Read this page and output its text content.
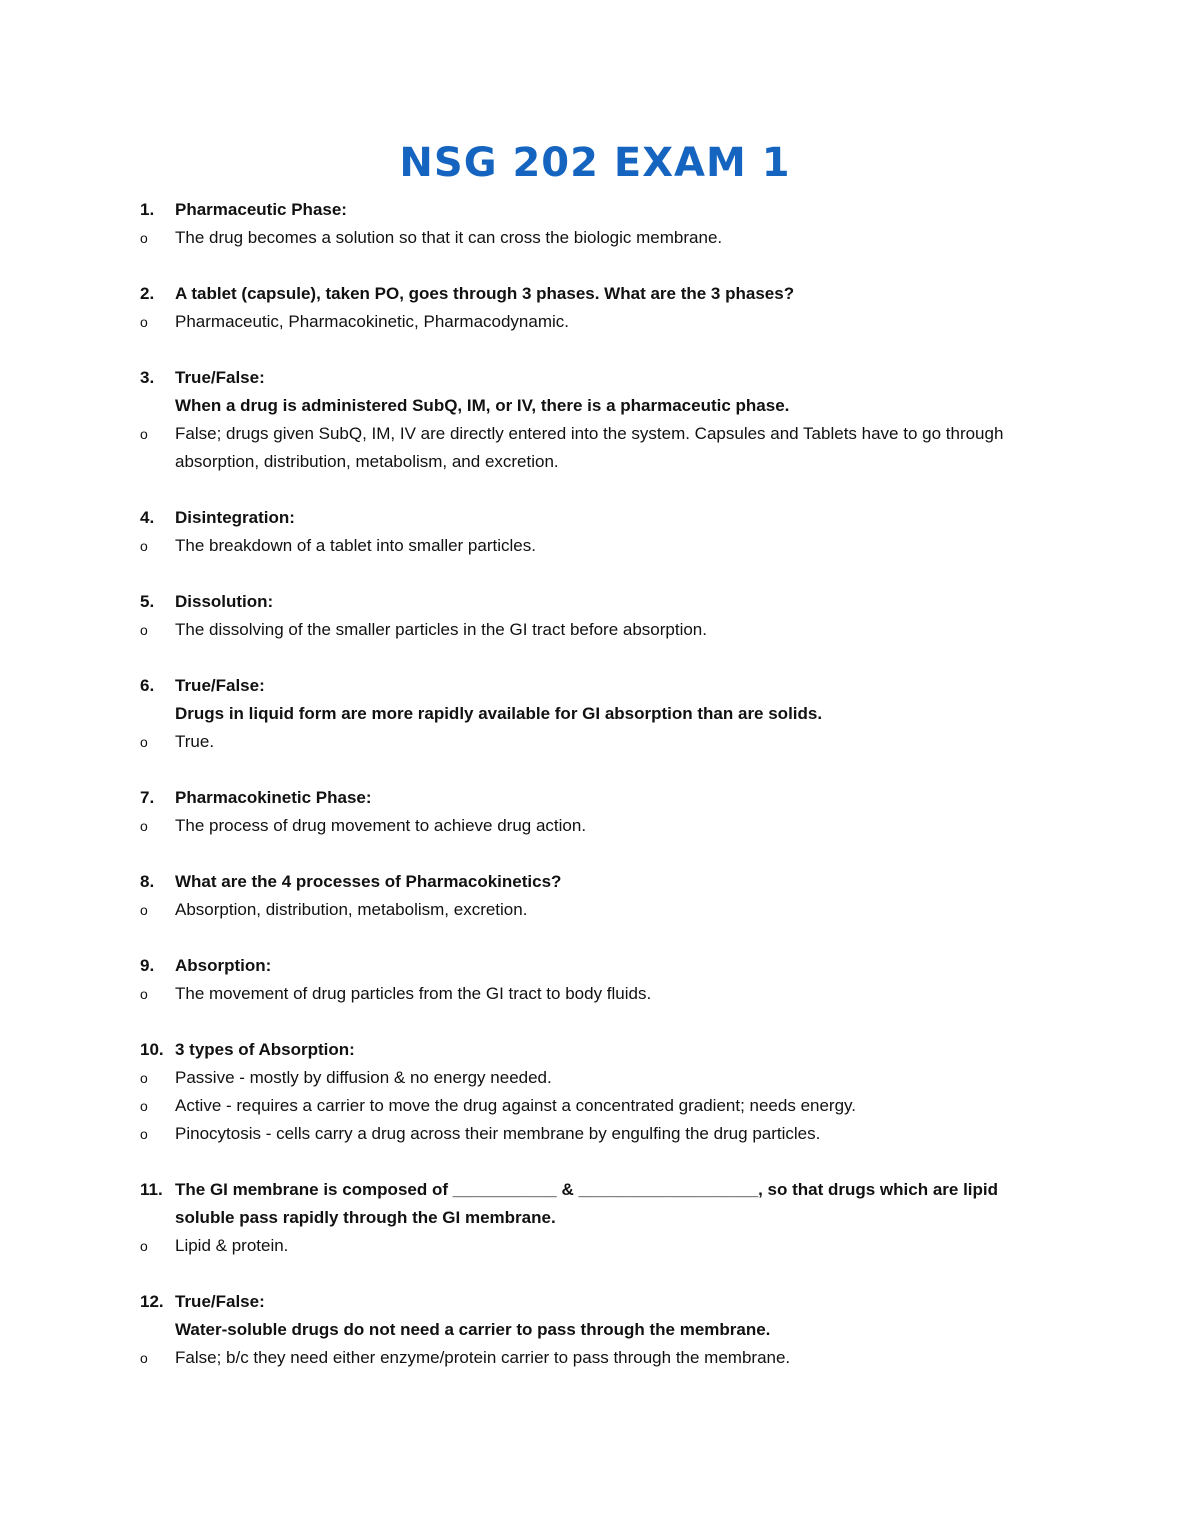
NSG 202 EXAM 1
1.	Pharmaceutic Phase:
o	The drug becomes a solution so that it can cross the biologic membrane.
2.	A tablet (capsule), taken PO, goes through 3 phases. What are the 3 phases?
o	Pharmaceutic, Pharmacokinetic, Pharmacodynamic.
3.	True/False:
When a drug is administered SubQ, IM, or IV, there is a pharmaceutic phase.
o	False; drugs given SubQ, IM, IV are directly entered into the system. Capsules and Tablets have to go through absorption, distribution, metabolism, and excretion.
4.	Disintegration:
o	The breakdown of a tablet into smaller particles.
5.	Dissolution:
o	The dissolving of the smaller particles in the GI tract before absorption.
6.	True/False:
Drugs in liquid form are more rapidly available for GI absorption than are solids.
o	True.
7.	Pharmacokinetic Phase:
o	The process of drug movement to achieve drug action.
8.	What are the 4 processes of Pharmacokinetics?
o	Absorption, distribution, metabolism, excretion.
9.	Absorption:
o	The movement of drug particles from the GI tract to body fluids.
10. 3 types of Absorption:
o	Passive - mostly by diffusion & no energy needed.
o	Active - requires a carrier to move the drug against a concentrated gradient; needs energy.
o	Pinocytosis - cells carry a drug across their membrane by engulfing the drug particles.
11. The GI membrane is composed of ___________ & ___________________, so that drugs which are lipid soluble pass rapidly through the GI membrane.
o	Lipid & protein.
12. True/False:
Water-soluble drugs do not need a carrier to pass through the membrane.
o	False; b/c they need either enzyme/protein carrier to pass through the membrane.
